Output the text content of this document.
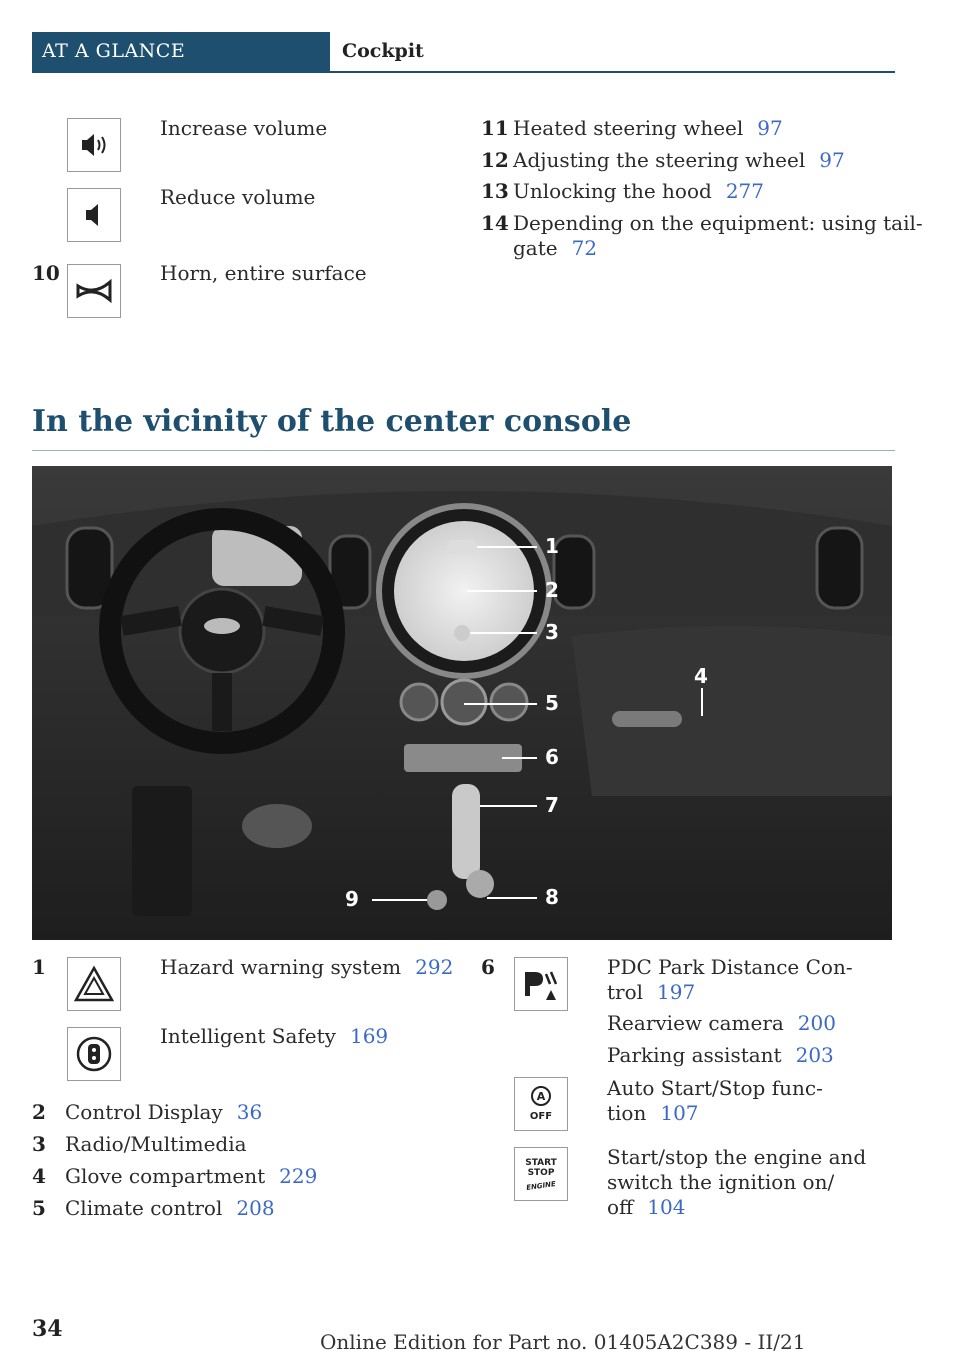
AT A GLANCE	Cockpit
Increase volume
Reduce volume
10	Horn, entire surface
11 Heated steering wheel 97
12 Adjusting the steering wheel 97
13 Unlocking the hood 277
14 Depending on the equipment: using tail-
gate 72
In the vicinity of the center console
1
2
3
4
5
6
7
8
9
1	Hazard warning system 292
Intelligent Safety 169
2 Control Display 36
3 Radio/Multimedia
4 Glove compartment 229
5 Climate control 208
6	PDC Park Distance Con-
trol 197
Rearview camera 200
Parking assistant 203
A
OFF
Auto Start/Stop func-
tion 107
START
STOP
ENGINE
Start/stop the engine and
switch the ignition on/
off 104
34	Online Edition for Part no. 01405A2C389 - II/21
